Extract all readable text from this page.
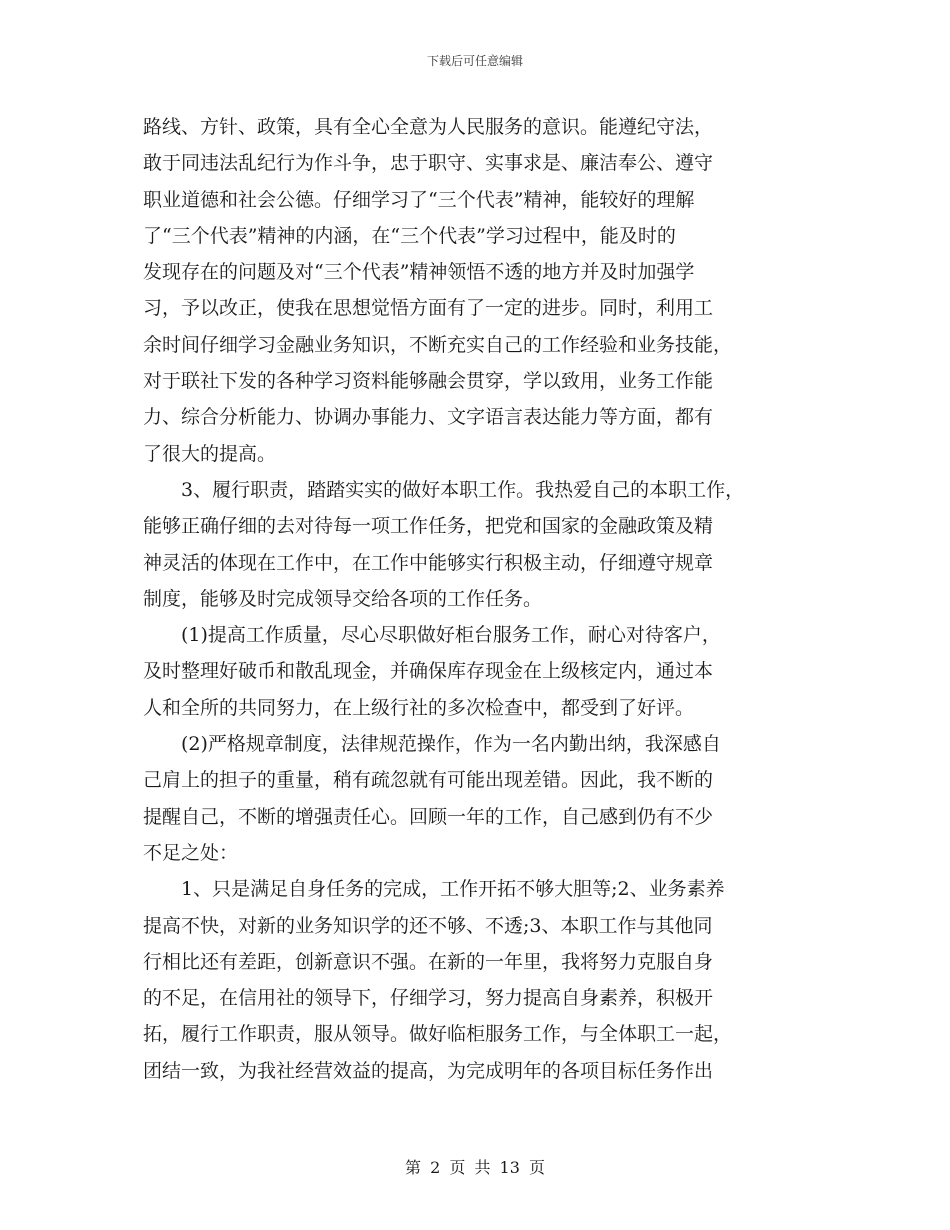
下载后可任意编辑
路线、方针、政策，具有全心全意为人民服务的意识。能遵纪守法，
敢于同违法乱纪行为作斗争，忠于职守、实事求是、廉洁奉公、遵守
职业道德和社会公德。仔细学习了“三个代表”精神，能较好的理解
了“三个代表”精神的内涵，在“三个代表”学习过程中，能及时的
发现存在的问题及对“三个代表”精神领悟不透的地方并及时加强学
习，予以改正，使我在思想觉悟方面有了一定的进步。同时，利用工
余时间仔细学习金融业务知识，不断充实自己的工作经验和业务技能，
对于联社下发的各种学习资料能够融会贯穿，学以致用，业务工作能
力、综合分析能力、协调办事能力、文字语言表达能力等方面，都有
了很大的提高。
3、履行职责，踏踏实实的做好本职工作。我热爱自己的本职工作，
能够正确仔细的去对待每一项工作任务，把党和国家的金融政策及精
神灵活的体现在工作中，在工作中能够实行积极主动，仔细遵守规章
制度，能够及时完成领导交给各项的工作任务。
(1)提高工作质量，尽心尽职做好柜台服务工作，耐心对待客户，
及时整理好破币和散乱现金，并确保库存现金在上级核定内，通过本
人和全所的共同努力，在上级行社的多次检查中，都受到了好评。
(2)严格规章制度，法律规范操作，作为一名内勤出纳，我深感自
己肩上的担子的重量，稍有疏忽就有可能出现差错。因此，我不断的
提醒自己，不断的增强责任心。回顾一年的工作，自己感到仍有不少
不足之处：
1、只是满足自身任务的完成，工作开拓不够大胆等;2、业务素养
提高不快，对新的业务知识学的还不够、不透;3、本职工作与其他同
行相比还有差距，创新意识不强。在新的一年里，我将努力克服自身
的不足，在信用社的领导下，仔细学习，努力提高自身素养，积极开
拓，履行工作职责，服从领导。做好临柜服务工作，与全体职工一起，
团结一致，为我社经营效益的提高，为完成明年的各项目标任务作出
第 2 页 共 13 页
